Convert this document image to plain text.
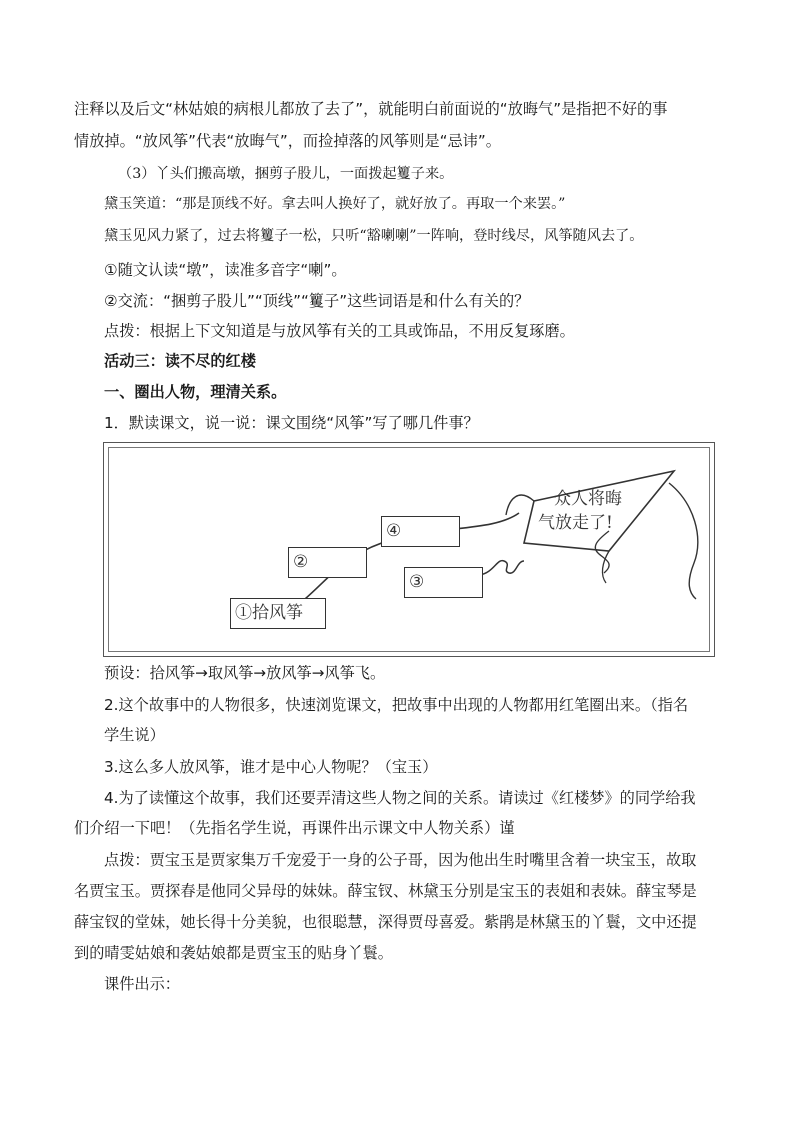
注释以及后文“林姑娘的病根儿都放了去了”，就能明白前面说的“放晦气”是指把不好的事
情放掉。“放风筝”代表“放晦气”，而捡掉落的风筝则是“忌讳”。
（3）丫头们搬高墩，捆剪子股儿，一面拨起籰子来。
黛玉笑道：“那是顶线不好。拿去叫人换好了，就好放了。再取一个来罢。”
黛玉见风力紧了，过去将籰子一松，只听“豁喇喇”一阵响，登时线尽，风筝随风去了。
①随文认读“墩”，读准多音字“喇”。
②交流：“捆剪子股儿”“顶线”“籰子”这些词语是和什么有关的？
点拨：根据上下文知道是与放风筝有关的工具或饰品，不用反复琢磨。
活动三：读不尽的红楼
一、圈出人物，理清关系。
1．默读课文，说一说：课文围绕“风筝”写了哪几件事？
①拾风筝
②
④
③
众人将晦
气放走了!
预设：拾风筝→取风筝→放风筝→风筝飞。
2.这个故事中的人物很多，快速浏览课文，把故事中出现的人物都用红笔圈出来。（指名
学生说）
3.这么多人放风筝，谁才是中心人物呢？（宝玉）
4.为了读懂这个故事，我们还要弄清这些人物之间的关系。请读过《红楼梦》的同学给我
们介绍一下吧！（先指名学生说，再课件出示课文中人物关系）谨
点拨：贾宝玉是贾家集万千宠爱于一身的公子哥，因为他出生时嘴里含着一块宝玉，故取
名贾宝玉。贾探春是他同父异母的妹妹。薛宝钗、林黛玉分别是宝玉的表姐和表妹。薛宝琴是
薛宝钗的堂妹，她长得十分美貌，也很聪慧，深得贾母喜爱。紫鹃是林黛玉的丫鬟，文中还提
到的晴雯姑娘和袭姑娘都是贾宝玉的贴身丫鬟。
课件出示：
